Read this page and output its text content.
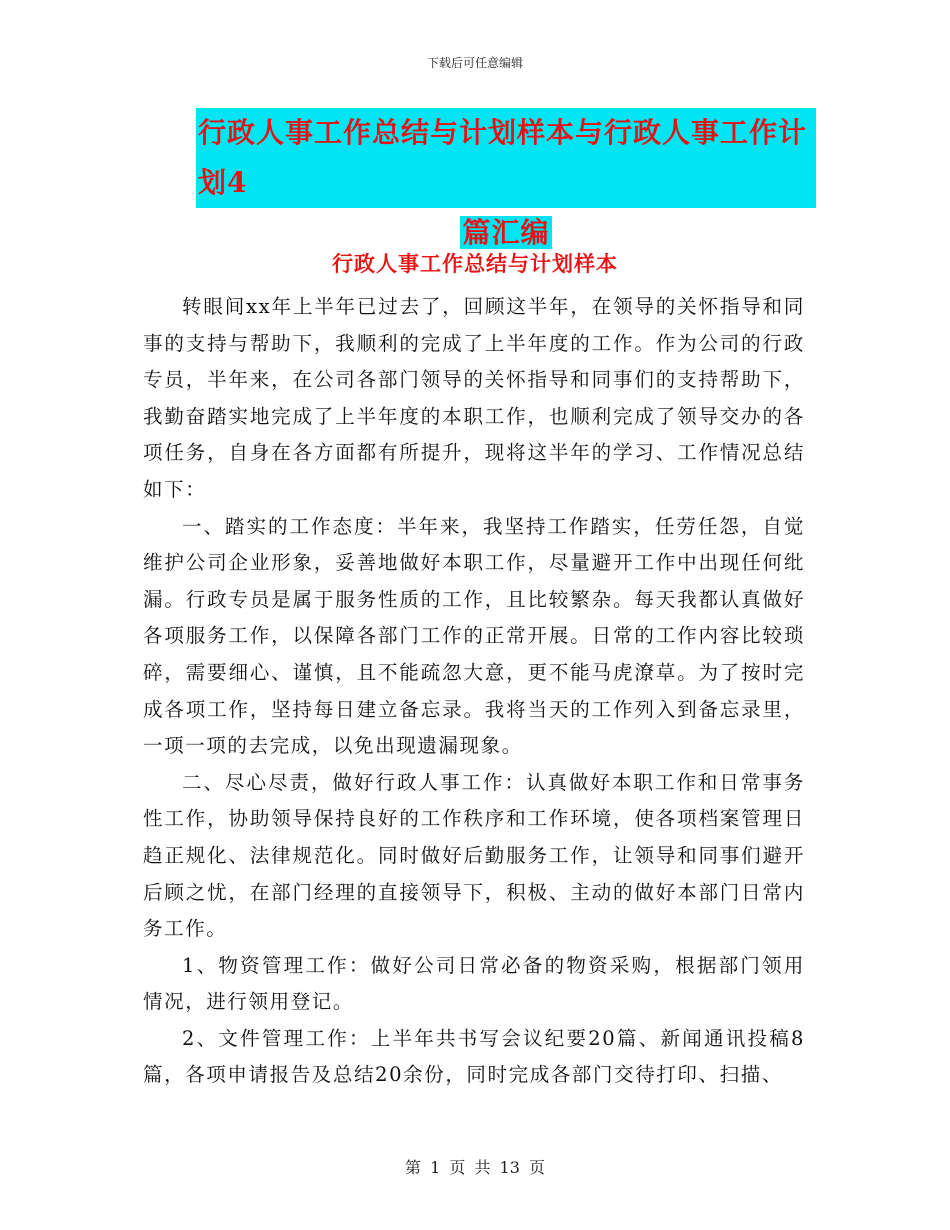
下载后可任意编辑
行政人事工作总结与计划样本与行政人事工作计划4
篇汇编
行政人事工作总结与计划样本

转眼间xx年上半年已过去了，回顾这半年，在领导的关怀指导和同事的支持与帮助下，我顺利的完成了上半年度的工作。作为公司的行政专员，半年来，在公司各部门领导的关怀指导和同事们的支持帮助下，我勤奋踏实地完成了上半年度的本职工作，也顺利完成了领导交办的各项任务，自身在各方面都有所提升，现将这半年的学习、工作情况总结如下：

一、踏实的工作态度：半年来，我坚持工作踏实，任劳任怨，自觉维护公司企业形象，妥善地做好本职工作，尽量避开工作中出现任何纰漏。行政专员是属于服务性质的工作，且比较繁杂。每天我都认真做好各项服务工作，以保障各部门工作的正常开展。日常的工作内容比较琐碎，需要细心、谨慎，且不能疏忽大意，更不能马虎潦草。为了按时完成各项工作，坚持每日建立备忘录。我将当天的工作列入到备忘录里，一项一项的去完成，以免出现遗漏现象。

二、尽心尽责，做好行政人事工作：认真做好本职工作和日常事务性工作，协助领导保持良好的工作秩序和工作环境，使各项档案管理日趋正规化、法律规范化。同时做好后勤服务工作，让领导和同事们避开后顾之忧，在部门经理的直接领导下，积极、主动的做好本部门日常内务工作。

1、物资管理工作：做好公司日常必备的物资采购，根据部门领用情况，进行领用登记。

2、文件管理工作：上半年共书写会议纪要20篇、新闻通讯投稿8篇，各项申请报告及总结20余份，同时完成各部门交待打印、扫描、

第 1 页 共 13 页
